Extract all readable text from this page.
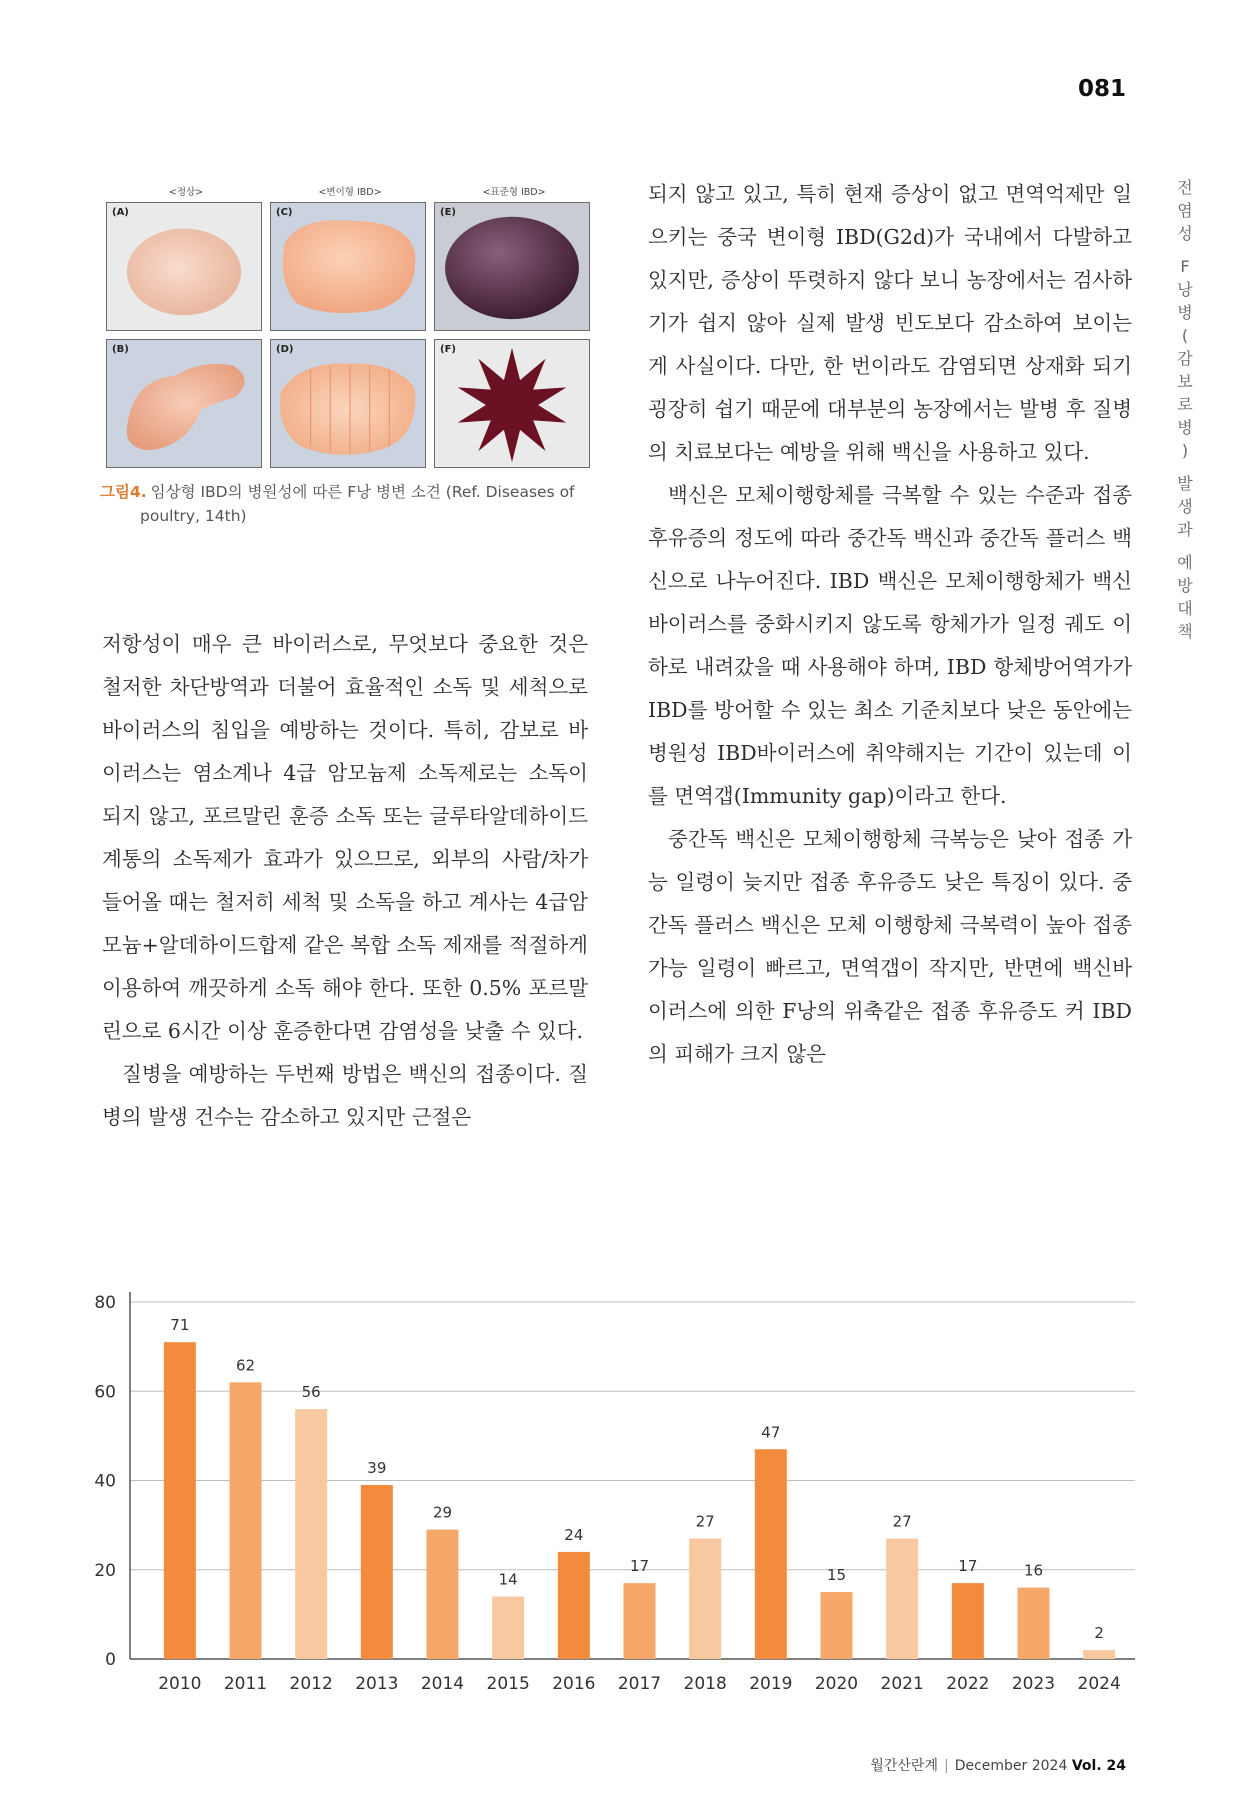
081
<정상>	<변이형 IBD>	<표준형 IBD>
(A)	(C)	(E)
(B)	(D)	(F)
그림4. 임상형 IBD의 병원성에 따른 F낭 병변 소견 (Ref. Diseases of
poultry, 14th)

저항성이 매우 큰 바이러스로, 무엇보다 중요한 것은 철저한 차단방역과 더불어 효율적인 소독 및 세척으로 바이러스의 침입을 예방하는 것이다. 특히, 감보로 바이러스는 염소계나 4급 암모늄제 소독제로는 소독이 되지 않고, 포르말린 훈증 소독 또는 글루타알데하이드 계통의 소독제가 효과가 있으므로, 외부의 사람/차가 들어올 때는 철저히 세척 및 소독을 하고 계사는 4급암모늄+알데하이드합제 같은 복합 소독 제재를 적절하게 이용하여 깨끗하게 소독 해야 한다. 또한 0.5% 포르말린으로 6시간 이상 훈증한다면 감염성을 낮출 수 있다.

질병을 예방하는 두번째 방법은 백신의 접종이다. 질병의 발생 건수는 감소하고 있지만 근절은

되지 않고 있고, 특히 현재 증상이 없고 면역억제만 일으키는 중국 변이형 IBD(G2d)가 국내에서 다발하고 있지만, 증상이 뚜렷하지 않다 보니 농장에서는 검사하기가 쉽지 않아 실제 발생 빈도보다 감소하여 보이는 게 사실이다. 다만, 한 번이라도 감염되면 상재화 되기 굉장히 쉽기 때문에 대부분의 농장에서는 발병 후 질병의 치료보다는 예방을 위해 백신을 사용하고 있다.

백신은 모체이행항체를 극복할 수 있는 수준과 접종 후유증의 정도에 따라 중간독 백신과 중간독 플러스 백신으로 나누어진다. IBD 백신은 모체이행항체가 백신바이러스를 중화시키지 않도록 항체가가 일정 궤도 이하로 내려갔을 때 사용해야 하며, IBD 항체방어역가가 IBD를 방어할 수 있는 최소 기준치보다 낮은 동안에는 병원성 IBD바이러스에 취약해지는 기간이 있는데 이를 면역갭(Immunity gap)이라고 한다.

중간독 백신은 모체이행항체 극복능은 낮아 접종 가능 일령이 늦지만 접종 후유증도 낮은 특징이 있다. 중간독 플러스 백신은 모체 이행항체 극복력이 높아 접종 가능 일령이 빠르고, 면역갭이 작지만, 반면에 백신바이러스에 의한 F낭의 위축같은 접종 후유증도 커 IBD의 피해가 크지 않은

전
염
성
F
낭
병
(
감
보
로
병
)
발
생
과
예
방
대
책
0
20
40
60
80
71
2010
62
2011
56
2012
39
2013
29
2014
14
2015
24
2016
17
2017
27
2018
47
2019
15
2020
27
2021
17
2022
16
2023
2
2024
월간산란계 | December 2024 Vol. 24
